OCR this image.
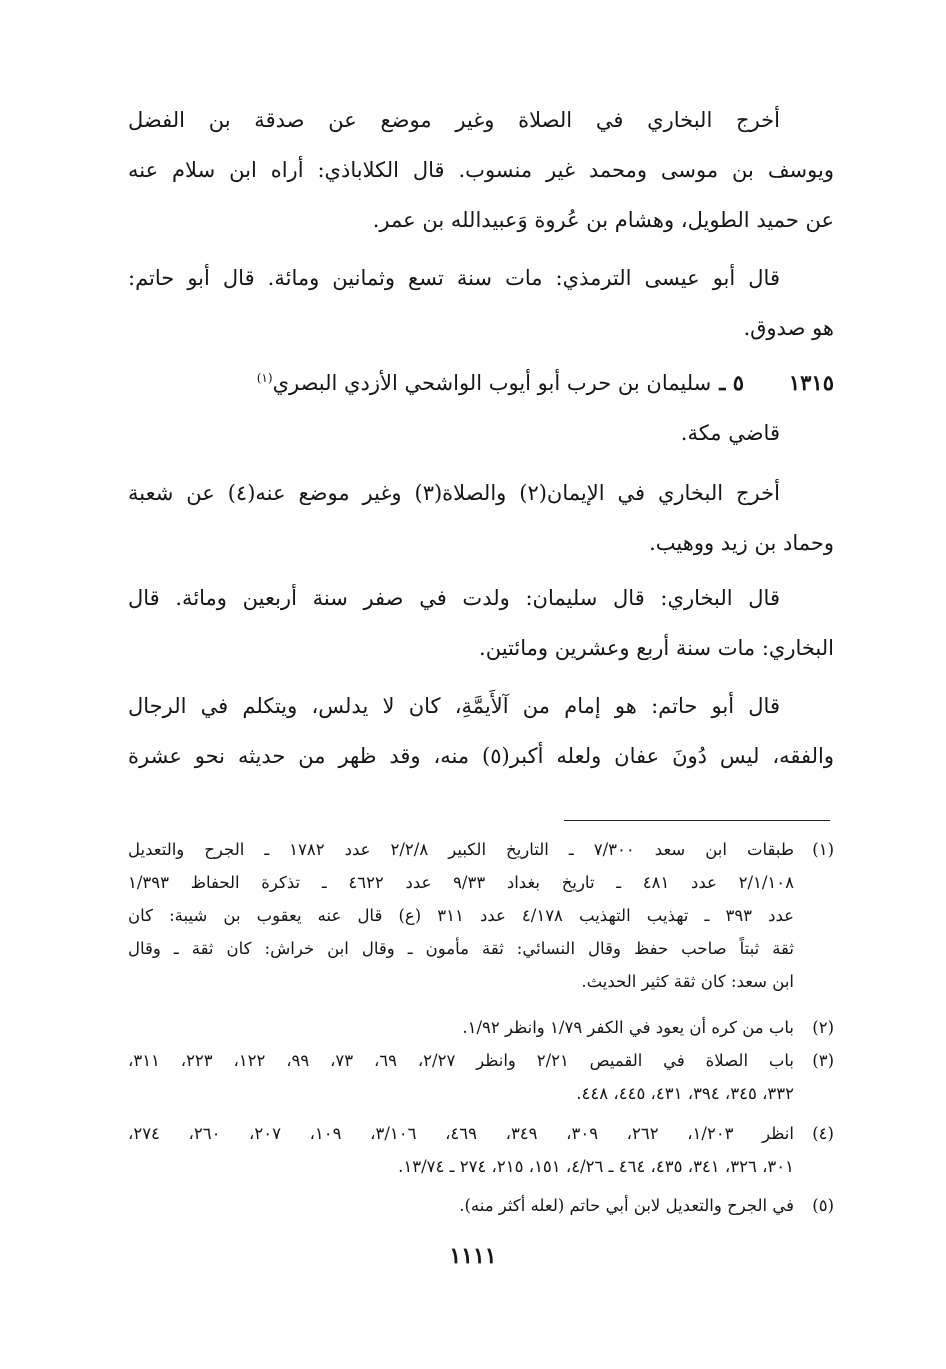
أخرج البخاري في الصلاة وغير موضع عن صدقة بن الفضل
ويوسف بن موسى ومحمد غير منسوب. قال الكلاباذي: أراه ابن سلام عنه
عن حميد الطويل، وهشام بن عُروة وَعبيدالله بن عمر.
قال أبو عيسى الترمذي: مات سنة تسع وثمانين ومائة. قال أبو حاتم:
هو صدوق.
١٣١٥٥ ـسليمان بن حرب أبو أيوب الواشحي الأزدي البصري$^{(١)}$
قاضي مكة.
أخرج البخاري في الإيمان(٢) والصلاة(٣) وغير موضع عنه(٤) عن شعبة
وحماد بن زيد ووهيب.
قال البخاري: قال سليمان: ولدت في صفر سنة أربعين ومائة. قال
البخاري: مات سنة أربع وعشرين ومائتين.
قال أبو حاتم: هو إمام من آلأَيمَّةِ، كان لا يدلس، ويتكلم في الرجال
والفقه، ليس دُونَ عفان ولعله أكبر(٥) منه، وقد ظهر من حديثه نحو عشرة
(١)طبقات ابن سعد ٧/٣٠٠ ـ التاريخ الكبير ٢/٢/٨ عدد ١٧٨٢ ـ الجرح والتعديل
٢/١/١٠٨ عدد ٤٨١ ـ تاريخ بغداد ٩/٣٣ عدد ٤٦٢٢ ـ تذكرة الحفاظ ١/٣٩٣
عدد ٣٩٣ ـ تهذيب التهذيب ٤/١٧٨ عدد ٣١١ (ع) قال عنه يعقوب بن شيبة: كان
ثقة ثبتاً صاحب حفظ وقال النسائي: ثقة مأمون ـ وقال ابن خراش: كان ثقة ـ وقال
ابن سعد: كان ثقة كثير الحديث.
(٢)باب من كره أن يعود في الكفر ١/٧٩ وانظر ١/٩٢.
(٣)باب الصلاة في القميص ٢/٢١ وانظر ٢/٢٧، ٦٩، ٧٣، ٩٩، ١٢٢، ٢٢٣، ٣١١،
٣٣٢، ٣٤٥، ٣٩٤، ٤٣١، ٤٤٥، ٤٤٨.
(٤)انظر ١/٢٠٣، ٢٦٢، ٣٠٩، ٣٤٩، ٤٦٩، ٣/١٠٦، ١٠٩، ٢٠٧، ٢٦٠، ٢٧٤،
٣٠١، ٣٢٦، ٣٤١، ٤٣٥، ٤٦٤ ـ ٤/٢٦، ١٥١، ٢١٥، ٢٧٤ ـ ١٣/٧٤.
(٥)في الجرح والتعديل لابن أبي حاتم (لعله أكثر منه).
١١١١
